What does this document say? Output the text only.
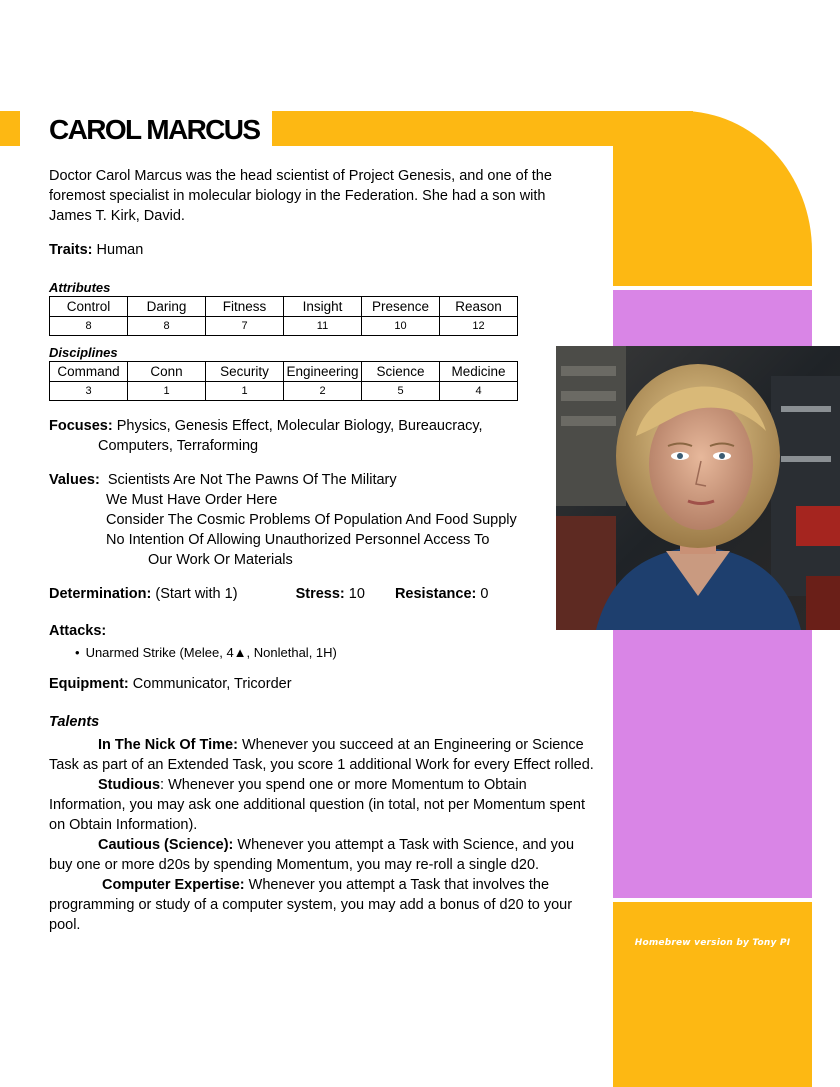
Homebrew version by Tony PI
CAROL MARCUS
Doctor Carol Marcus was the head scientist of Project Genesis, and one of the foremost specialist in molecular biology in the Federation. She had a son with James T. Kirk, David.
Traits: Human
Attributes
Control	Daring	Fitness	Insight	Presence	Reason
8	8	7	11	10	12
Disciplines
Command	Conn	Security	Engineering	Science	Medicine
3	1	1	2	5	4
Focuses: Physics, Genesis Effect, Molecular Biology, Bureaucracy,
Computers, Terraforming
Values: Scientists Are Not The Pawns Of The Military
We Must Have Order Here
Consider The Cosmic Problems Of Population And Food Supply
No Intention Of Allowing Unauthorized Personnel Access To
Our Work Or Materials
Determination: (Start with 1)	Stress: 10 Resistance: 0
Attacks:
• Unarmed Strike (Melee, 4▲, Nonlethal, 1H)
Equipment: Communicator, Tricorder
Talents

In The Nick Of Time: Whenever you succeed at an Engineering or Science Task as part of an Extended Task, you score 1 additional Work for every Effect rolled.

Studious: Whenever you spend one or more Momentum to Obtain Information, you may ask one additional question (in total, not per Momentum spent on Obtain Information).

Cautious (Science): Whenever you attempt a Task with Science, and you buy one or more d20s by spending Momentum, you may re-roll a single d20.

Computer Expertise: Whenever you attempt a Task that involves the programming or study of a computer system, you may add a bonus of d20 to your pool.
